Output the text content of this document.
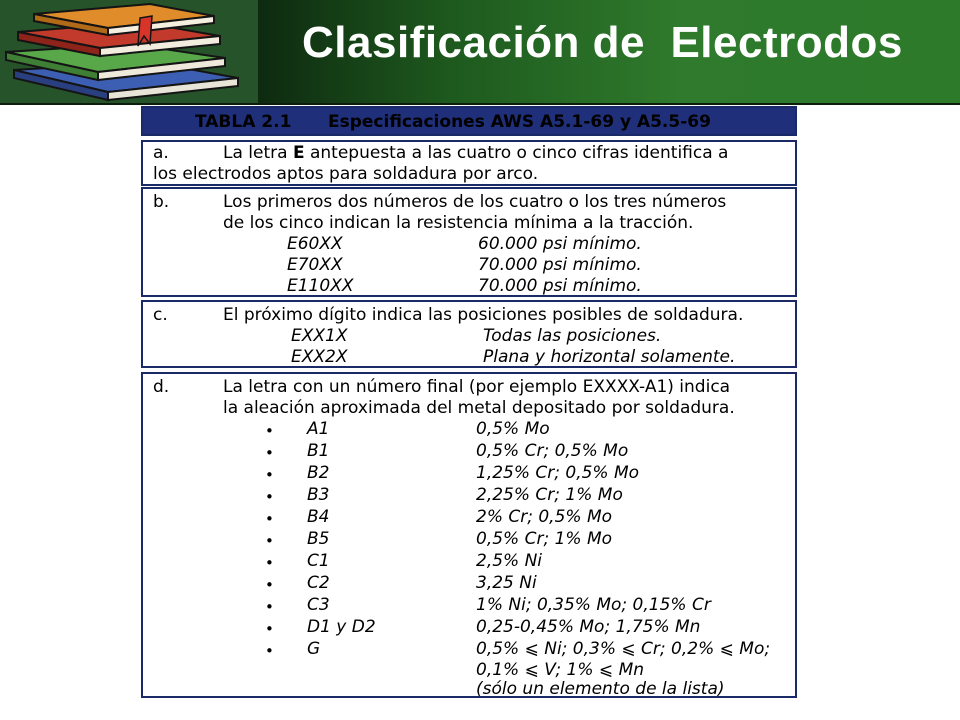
Clasificación de  Electrodos
TABLA 2.1 Especificaciones AWS A5.1-69 y A5.5-69
a.	La letra E antepuesta a las cuatro o cinco cifras identifica a
los electrodos aptos para soldadura por arco.
b.	Los primeros dos números de los cuatro o los tres números
de los cinco indican la resistencia mínima a la tracción.
E60XX	60.000 psi mínimo.
E70XX	70.000 psi mínimo.
E110XX	70.000 psi mínimo.
c.	El próximo dígito indica las posiciones posibles de soldadura.
EXX1X	Todas las posiciones.
EXX2X	Plana y horizontal solamente.
d.	La letra con un número final (por ejemplo EXXXX-A1) indica
la aleación aproximada del metal depositado por soldadura.
• A1	0,5% Mo
• B1	0,5% Cr; 0,5% Mo
• B2	1,25% Cr; 0,5% Mo
• B3	2,25% Cr; 1% Mo
• B4	2% Cr; 0,5% Mo
• B5	0,5% Cr; 1% Mo
• C1	2,5% Ni
• C2	3,25 Ni
• C3	1% Ni; 0,35% Mo; 0,15% Cr
• D1 y D2	0,25-0,45% Mo; 1,75% Mn
• G	0,5% ⩽ Ni; 0,3% ⩽ Cr; 0,2% ⩽ Mo;
0,1% ⩽ V; 1% ⩽ Mn
(sólo un elemento de la lista)
